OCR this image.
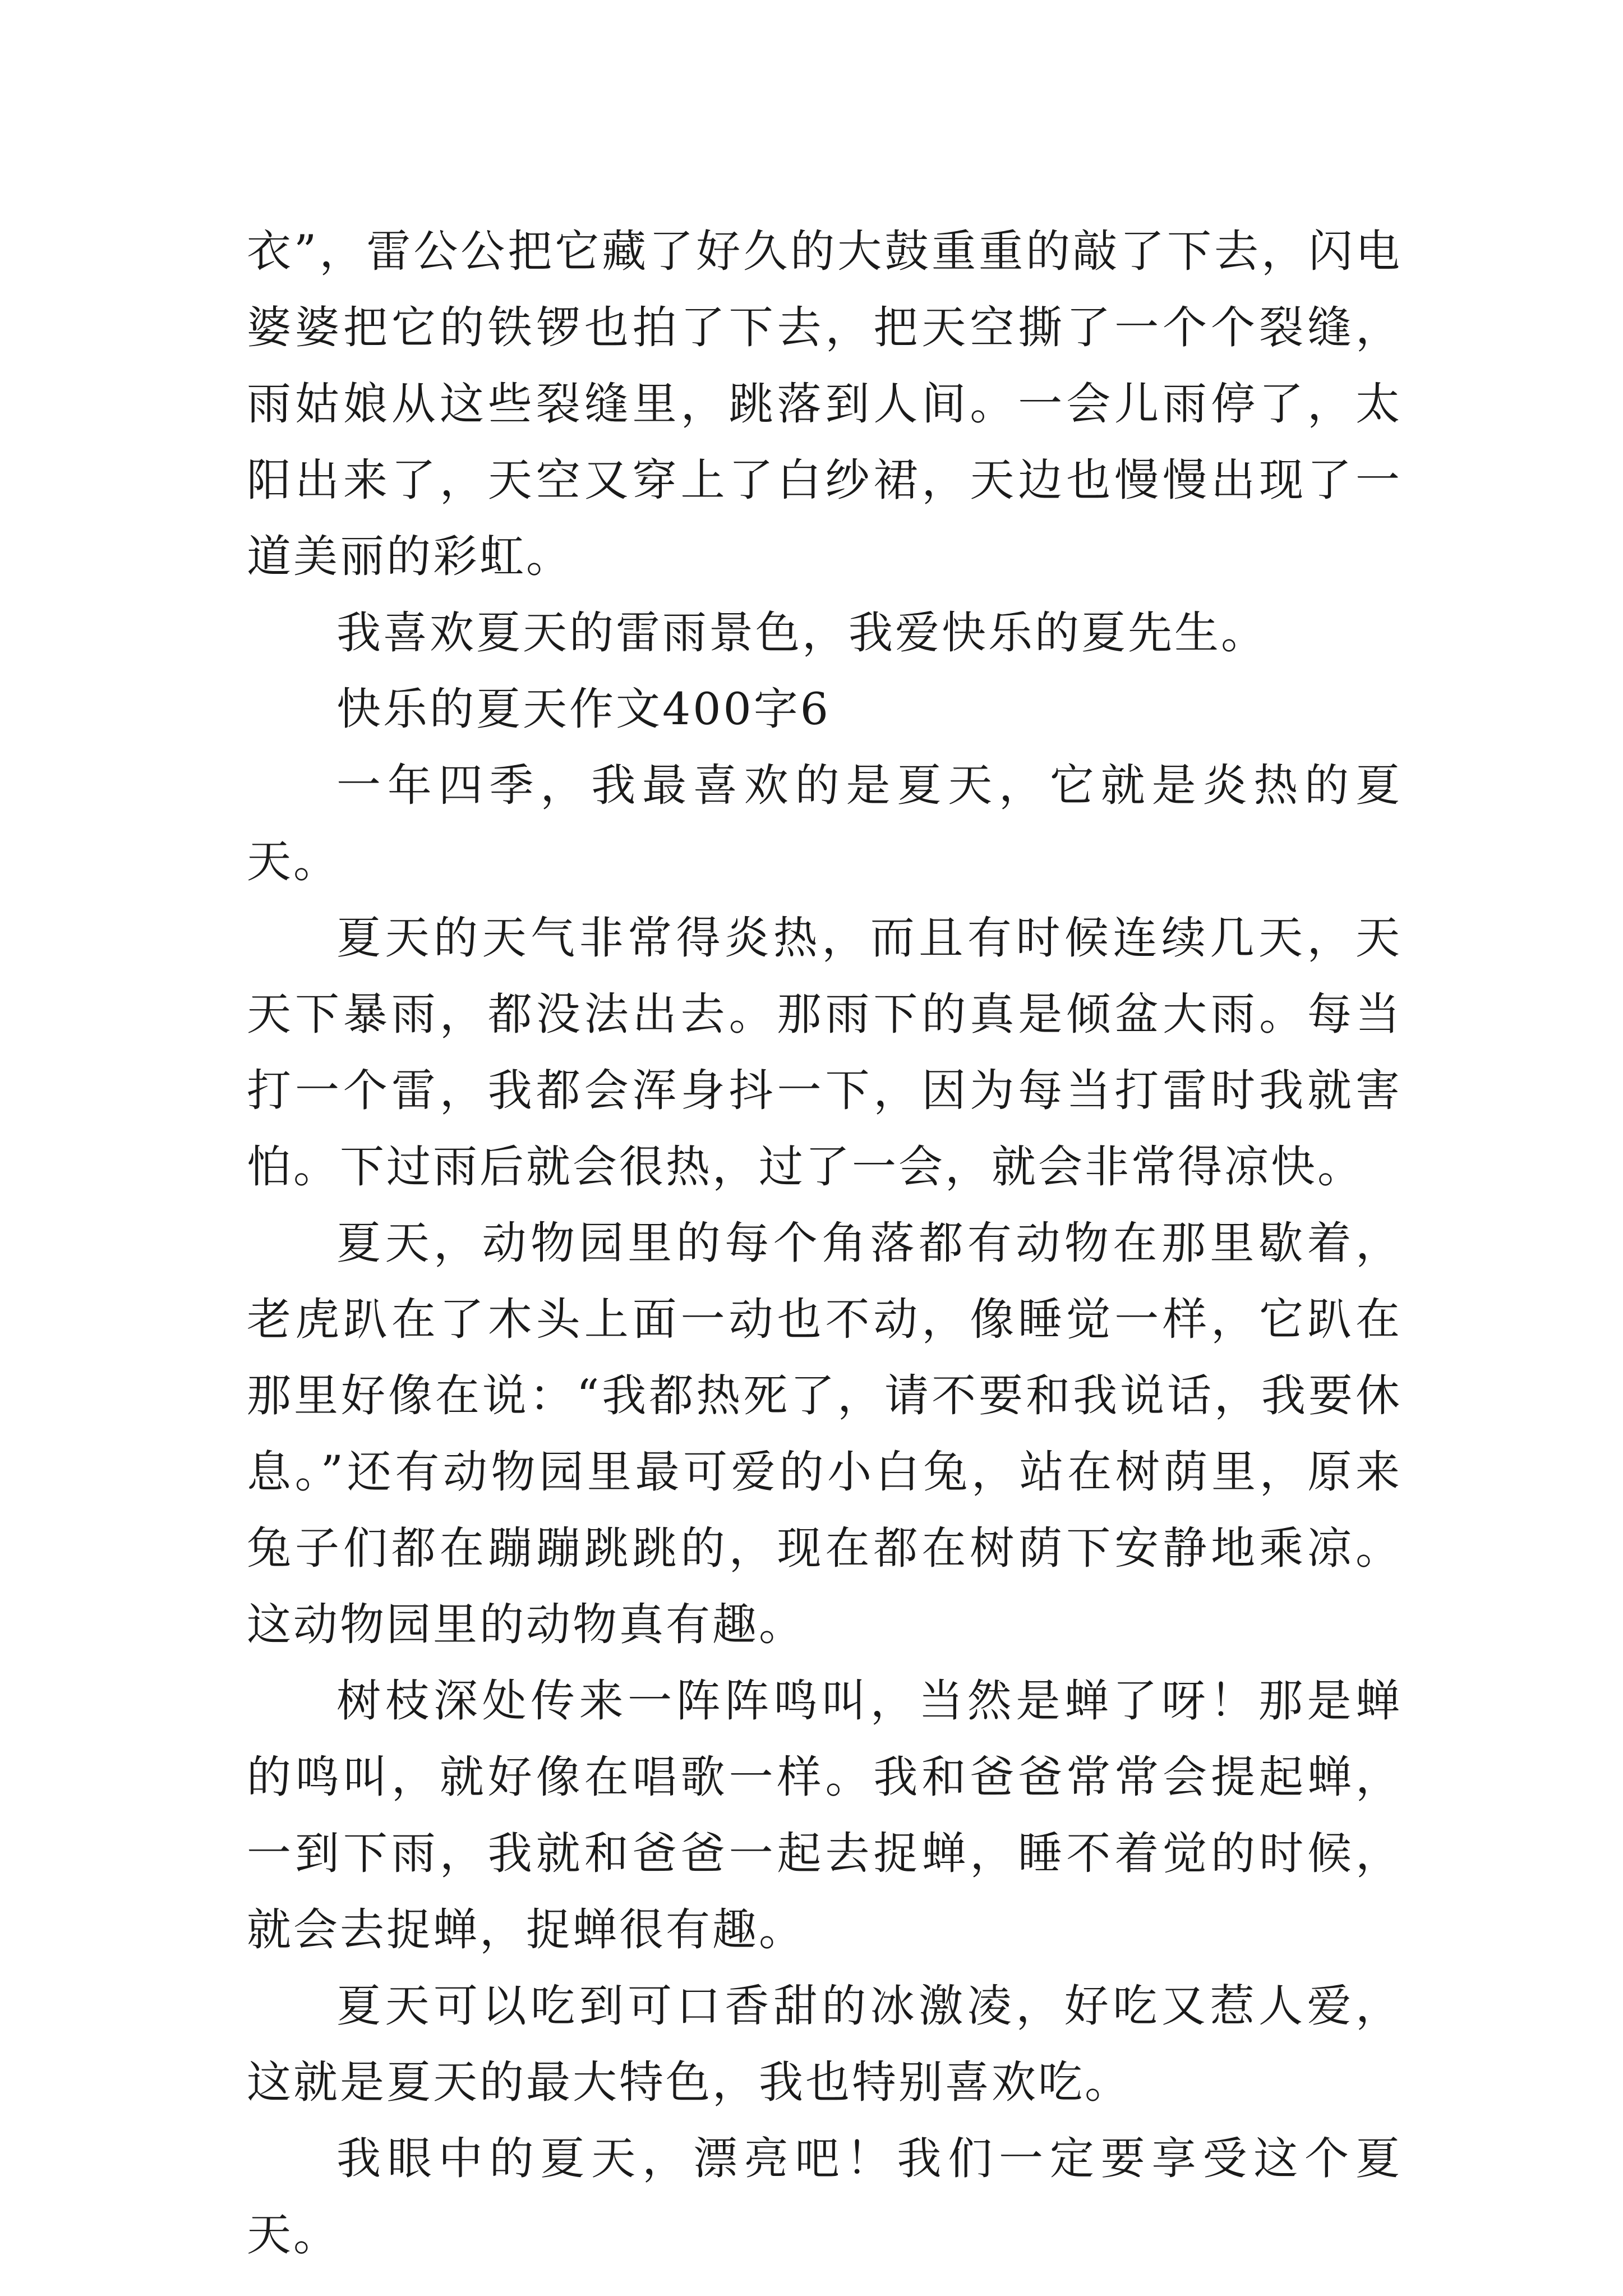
衣”，雷公公把它藏了好久的大鼓重重的敲了下去，闪电婆婆把它的铁锣也拍了下去，把天空撕了一个个裂缝，雨姑娘从这些裂缝里，跳落到人间。一会儿雨停了，太阳出来了，天空又穿上了白纱裙，天边也慢慢出现了一道美丽的彩虹。

我喜欢夏天的雷雨景色，我爱快乐的夏先生。

快乐的夏天作文400字6

一年四季，我最喜欢的是夏天，它就是炎热的夏天。

夏天的天气非常得炎热，而且有时候连续几天，天天下暴雨，都没法出去。那雨下的真是倾盆大雨。每当打一个雷，我都会浑身抖一下，因为每当打雷时我就害怕。下过雨后就会很热，过了一会，就会非常得凉快。

夏天，动物园里的每个角落都有动物在那里歇着，老虎趴在了木头上面一动也不动，像睡觉一样，它趴在那里好像在说：“我都热死了，请不要和我说话，我要休息。”还有动物园里最可爱的小白兔，站在树荫里，原来兔子们都在蹦蹦跳跳的，现在都在树荫下安静地乘凉。这动物园里的动物真有趣。

树枝深处传来一阵阵鸣叫，当然是蝉了呀！那是蝉的鸣叫，就好像在唱歌一样。我和爸爸常常会提起蝉，一到下雨，我就和爸爸一起去捉蝉，睡不着觉的时候，就会去捉蝉，捉蝉很有趣。

夏天可以吃到可口香甜的冰激凌，好吃又惹人爱，这就是夏天的最大特色，我也特别喜欢吃。

我眼中的夏天，漂亮吧！我们一定要享受这个夏天。
